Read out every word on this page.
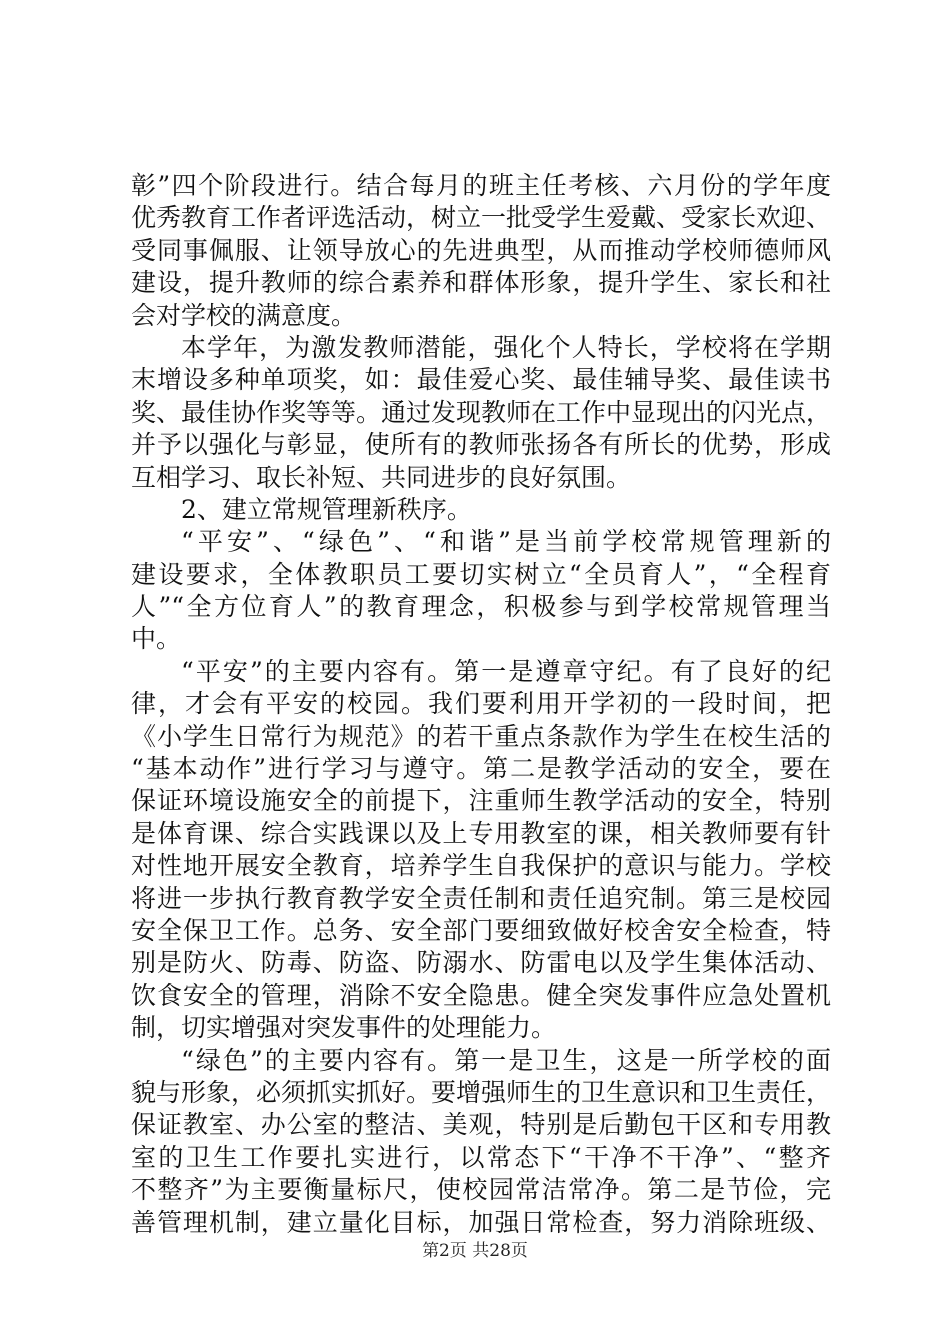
彰”四个阶段进行。结合每月的班主任考核、六月份的学年度
优秀教育工作者评选活动，树立一批受学生爱戴、受家长欢迎、
受同事佩服、让领导放心的先进典型，从而推动学校师德师风
建设，提升教师的综合素养和群体形象，提升学生、家长和社
会对学校的满意度。
本学年，为激发教师潜能，强化个人特长，学校将在学期
末增设多种单项奖，如：最佳爱心奖、最佳辅导奖、最佳读书
奖、最佳协作奖等等。通过发现教师在工作中显现出的闪光点，
并予以强化与彰显，使所有的教师张扬各有所长的优势，形成
互相学习、取长补短、共同进步的良好氛围。
2、建立常规管理新秩序。
“平安”、“绿色”、“和谐”是当前学校常规管理新的
建设要求，全体教职员工要切实树立“全员育人”，“全程育
人”“全方位育人”的教育理念，积极参与到学校常规管理当
中。
“平安”的主要内容有。第一是遵章守纪。有了良好的纪
律，才会有平安的校园。我们要利用开学初的一段时间，把
《小学生日常行为规范》的若干重点条款作为学生在校生活的
“基本动作”进行学习与遵守。第二是教学活动的安全，要在
保证环境设施安全的前提下，注重师生教学活动的安全，特别
是体育课、综合实践课以及上专用教室的课，相关教师要有针
对性地开展安全教育，培养学生自我保护的意识与能力。学校
将进一步执行教育教学安全责任制和责任追究制。第三是校园
安全保卫工作。总务、安全部门要细致做好校舍安全检查，特
别是防火、防毒、防盗、防溺水、防雷电以及学生集体活动、
饮食安全的管理，消除不安全隐患。健全突发事件应急处置机
制，切实增强对突发事件的处理能力。
“绿色”的主要内容有。第一是卫生，这是一所学校的面
貌与形象，必须抓实抓好。要增强师生的卫生意识和卫生责任，
保证教室、办公室的整洁、美观，特别是后勤包干区和专用教
室的卫生工作要扎实进行，以常态下“干净不干净”、“整齐
不整齐”为主要衡量标尺，使校园常洁常净。第二是节俭，完
善管理机制，建立量化目标，加强日常检查，努力消除班级、
第2页 共28页
